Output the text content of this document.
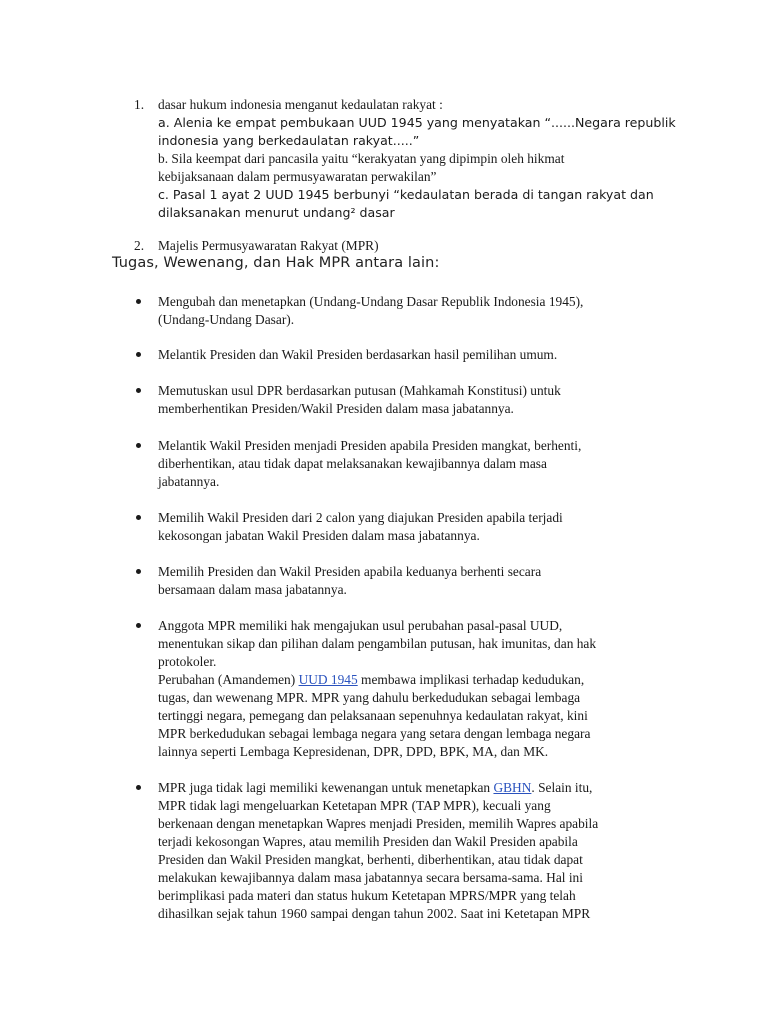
1. dasar hukum indonesia menganut kedaulatan rakyat :
a. Alenia ke empat pembukaan UUD 1945 yang menyatakan “......Negara republik
indonesia yang berkedaulatan rakyat.....”
b. Sila keempat dari pancasila yaitu “kerakyatan yang dipimpin oleh hikmat
kebijaksanaan dalam permusyawaratan perwakilan”
c. Pasal 1 ayat 2 UUD 1945 berbunyi “kedaulatan berada di tangan rakyat dan
dilaksanakan menurut undang² dasar
2. Majelis Permusyawaratan Rakyat (MPR)
Tugas, Wewenang, dan Hak MPR antara lain:
Mengubah dan menetapkan (Undang-Undang Dasar Republik Indonesia 1945),
(Undang-Undang Dasar).
Melantik Presiden dan Wakil Presiden berdasarkan hasil pemilihan umum.
Memutuskan usul DPR berdasarkan putusan (Mahkamah Konstitusi) untuk
memberhentikan Presiden/Wakil Presiden dalam masa jabatannya.
Melantik Wakil Presiden menjadi Presiden apabila Presiden mangkat, berhenti,
diberhentikan, atau tidak dapat melaksanakan kewajibannya dalam masa
jabatannya.
Memilih Wakil Presiden dari 2 calon yang diajukan Presiden apabila terjadi
kekosongan jabatan Wakil Presiden dalam masa jabatannya.
Memilih Presiden dan Wakil Presiden apabila keduanya berhenti secara
bersamaan dalam masa jabatannya.
Anggota MPR memiliki hak mengajukan usul perubahan pasal-pasal UUD,
menentukan sikap dan pilihan dalam pengambilan putusan, hak imunitas, dan hak
protokoler.
Perubahan (Amandemen) UUD 1945 membawa implikasi terhadap kedudukan,
tugas, dan wewenang MPR. MPR yang dahulu berkedudukan sebagai lembaga
tertinggi negara, pemegang dan pelaksanaan sepenuhnya kedaulatan rakyat, kini
MPR berkedudukan sebagai lembaga negara yang setara dengan lembaga negara
lainnya seperti Lembaga Kepresidenan, DPR, DPD, BPK, MA, dan MK.
MPR juga tidak lagi memiliki kewenangan untuk menetapkan GBHN. Selain itu,
MPR tidak lagi mengeluarkan Ketetapan MPR (TAP MPR), kecuali yang
berkenaan dengan menetapkan Wapres menjadi Presiden, memilih Wapres apabila
terjadi kekosongan Wapres, atau memilih Presiden dan Wakil Presiden apabila
Presiden dan Wakil Presiden mangkat, berhenti, diberhentikan, atau tidak dapat
melakukan kewajibannya dalam masa jabatannya secara bersama-sama. Hal ini
berimplikasi pada materi dan status hukum Ketetapan MPRS/MPR yang telah
dihasilkan sejak tahun 1960 sampai dengan tahun 2002. Saat ini Ketetapan MPR
